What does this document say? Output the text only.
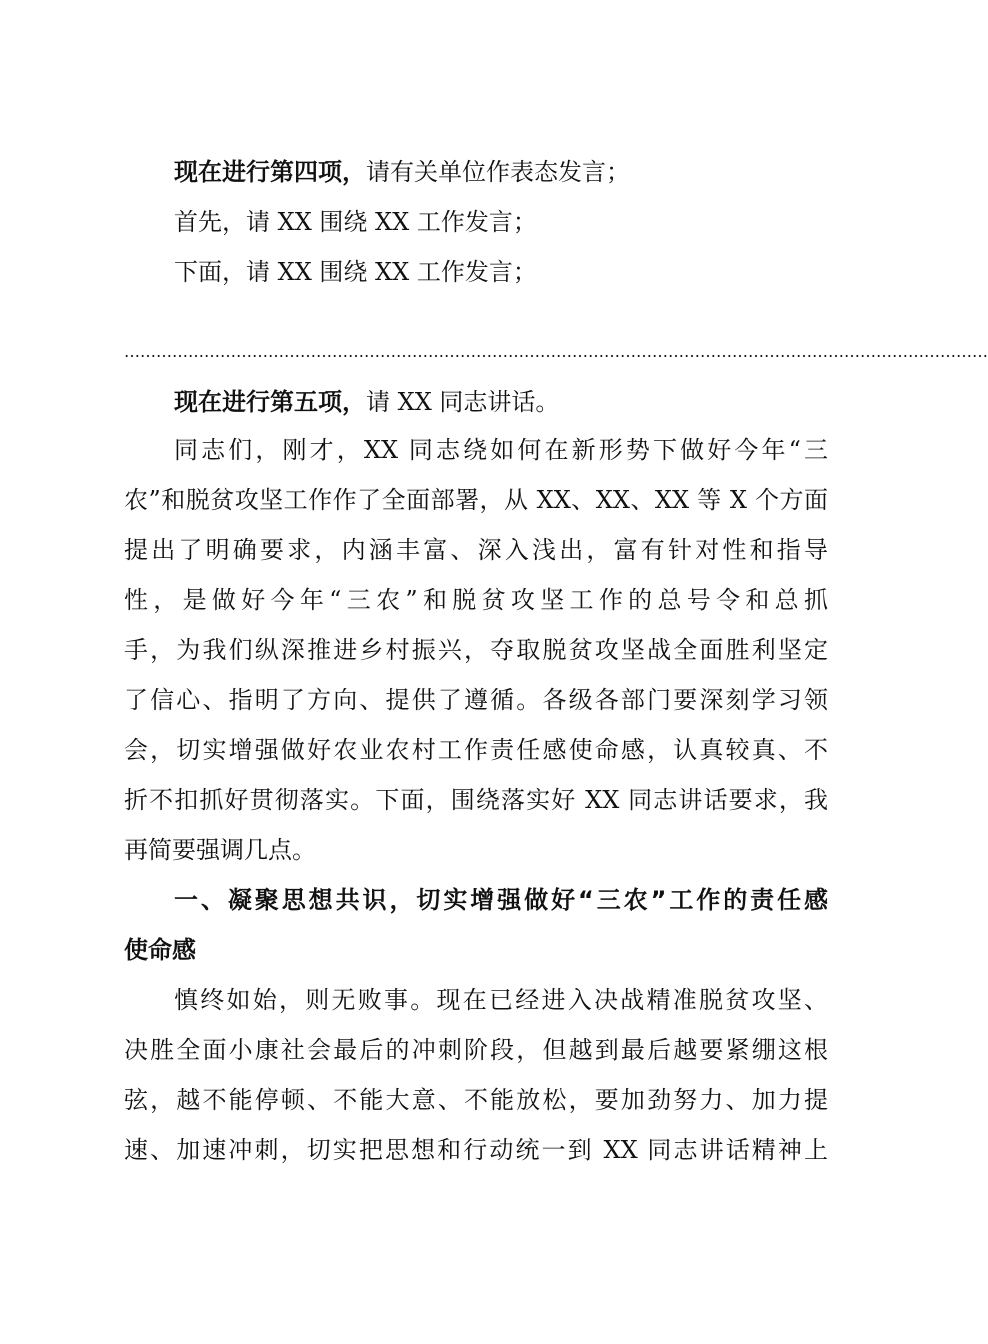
现在进行第四项，请有关单位作表态发言；
首先，请 XX 围绕 XX 工作发言；
下面，请 XX 围绕 XX 工作发言；
………………………………………………………………………………………………………………………………………………
现在进行第五项，请 XX 同志讲话。
同志们，刚才，XX 同志绕如何在新形势下做好今年“三
农”和脱贫攻坚工作作了全面部署，从 XX、XX、XX 等 X 个方面
提出了明确要求，内涵丰富、深入浅出，富有针对性和指导
性，是做好今年“三农”和脱贫攻坚工作的总号令和总抓
手，为我们纵深推进乡村振兴，夺取脱贫攻坚战全面胜利坚定
了信心、指明了方向、提供了遵循。各级各部门要深刻学习领
会，切实增强做好农业农村工作责任感使命感，认真较真、不
折不扣抓好贯彻落实。下面，围绕落实好 XX 同志讲话要求，我
再简要强调几点。
一、凝聚思想共识，切实增强做好“三农”工作的责任感
使命感
慎终如始，则无败事。现在已经进入决战精准脱贫攻坚、
决胜全面小康社会最后的冲刺阶段，但越到最后越要紧绷这根
弦，越不能停顿、不能大意、不能放松，要加劲努力、加力提
速、加速冲刺，切实把思想和行动统一到 XX 同志讲话精神上
